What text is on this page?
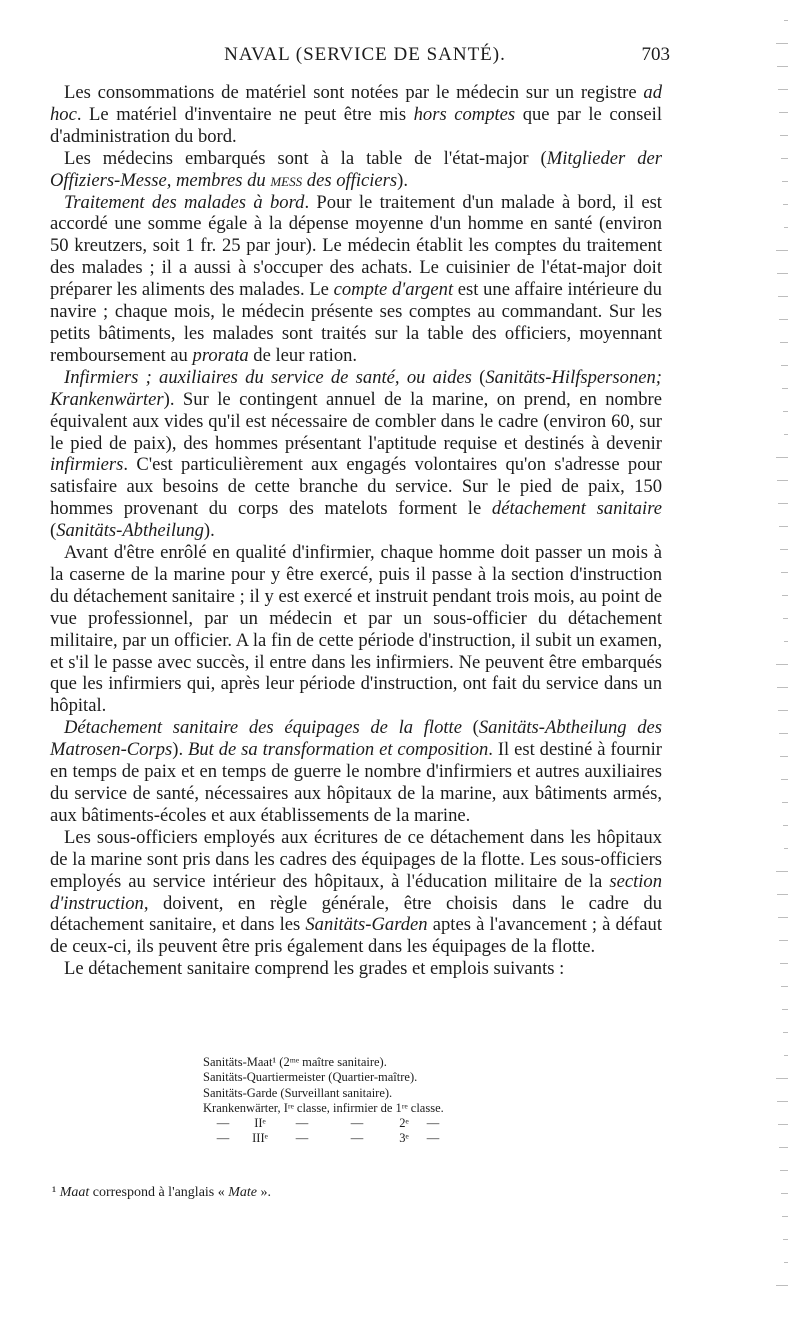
NAVAL (SERVICE DE SANTÉ).	703

Les consommations de matériel sont notées par le médecin sur un registre ad hoc. Le matériel d'inventaire ne peut être mis hors comptes que par le conseil d'administration du bord.

Les médecins embarqués sont à la table de l'état-major (Mitglieder der Offiziers-Messe, membres du mess des officiers).

Traitement des malades à bord. Pour le traitement d'un malade à bord, il est accordé une somme égale à la dépense moyenne d'un homme en santé (environ 50 kreutzers, soit 1 fr. 25 par jour). Le médecin établit les comptes du traitement des malades ; il a aussi à s'occuper des achats. Le cuisinier de l'état-major doit préparer les aliments des malades. Le compte d'argent est une affaire intérieure du navire ; chaque mois, le médecin présente ses comptes au commandant. Sur les petits bâtiments, les malades sont traités sur la table des officiers, moyennant remboursement au prorata de leur ration.

Infirmiers ; auxiliaires du service de santé, ou aides (Sanitäts-Hilfspersonen; Krankenwärter). Sur le contingent annuel de la marine, on prend, en nombre équivalent aux vides qu'il est nécessaire de combler dans le cadre (environ 60, sur le pied de paix), des hommes présentant l'aptitude requise et destinés à devenir infirmiers. C'est particulièrement aux engagés volontaires qu'on s'adresse pour satisfaire aux besoins de cette branche du service. Sur le pied de paix, 150 hommes provenant du corps des matelots forment le détachement sanitaire (Sanitäts-Abtheilung).

Avant d'être enrôlé en qualité d'infirmier, chaque homme doit passer un mois à la caserne de la marine pour y être exercé, puis il passe à la section d'instruction du détachement sanitaire ; il y est exercé et instruit pendant trois mois, au point de vue professionnel, par un médecin et par un sous-officier du détachement militaire, par un officier. A la fin de cette période d'instruction, il subit un examen, et s'il le passe avec succès, il entre dans les infirmiers. Ne peuvent être embarqués que les infirmiers qui, après leur période d'instruction, ont fait du service dans un hôpital.

Détachement sanitaire des équipages de la flotte (Sanitäts-Abtheilung des Matrosen-Corps). But de sa transformation et composition. Il est destiné à fournir en temps de paix et en temps de guerre le nombre d'infirmiers et autres auxiliaires du service de santé, nécessaires aux hôpitaux de la marine, aux bâtiments armés, aux bâtiments-écoles et aux établissements de la marine.

Les sous-officiers employés aux écritures de ce détachement dans les hôpitaux de la marine sont pris dans les cadres des équipages de la flotte. Les sous-officiers employés au service intérieur des hôpitaux, à l'éducation militaire de la section d'instruction, doivent, en règle générale, être choisis dans le cadre du détachement sanitaire, et dans les Sanitäts-Garden aptes à l'avancement ; à défaut de ceux-ci, ils peuvent être pris également dans les équipages de la flotte.

Le détachement sanitaire comprend les grades et emplois suivants :

Sanitäts-Maat¹ (2ᵐᵉ maître sanitaire).
Sanitäts-Quartiermeister (Quartier-maître).
Sanitäts-Garde (Surveillant sanitaire).
Krankenwärter, Iʳᵉ classe, infirmier de 1ʳᵉ classe.
—	IIᵉ	—	—	2ᵉ	—
—	IIIᵉ	—	—	3ᵉ	—
¹ Maat correspond à l'anglais « Mate ».
